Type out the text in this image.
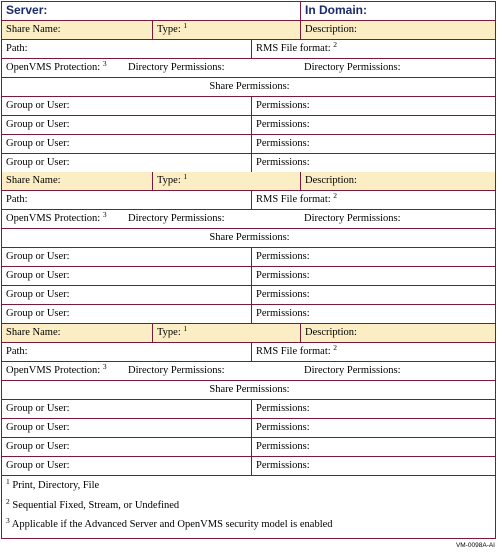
Server:	In Domain:
Share Name:	Type: $^1$	Description:
Path:	RMS File format: $^2$
OpenVMS Protection: $^3$	Directory Permissions:	Directory Permissions:
Share Permissions:
Group or User:	Permissions:
Group or User:	Permissions:
Group or User:	Permissions:
Group or User:	Permissions:
Share Name:	Type: $^1$	Description:
Path:	RMS File format: $^2$
OpenVMS Protection: $^3$	Directory Permissions:	Directory Permissions:
Share Permissions:
Group or User:	Permissions:
Group or User:	Permissions:
Group or User:	Permissions:
Group or User:	Permissions:
Share Name:	Type: $^1$	Description:
Path:	RMS File format: $^2$
OpenVMS Protection: $^3$	Directory Permissions:	Directory Permissions:
Share Permissions:
Group or User:	Permissions:
Group or User:	Permissions:
Group or User:	Permissions:
Group or User:	Permissions:
$^1$ Print, Directory, File
$^2$ Sequential Fixed, Stream, or Undefined
$^3$ Applicable if the Advanced Server and OpenVMS security model is enabled
VM-0098A-AI
